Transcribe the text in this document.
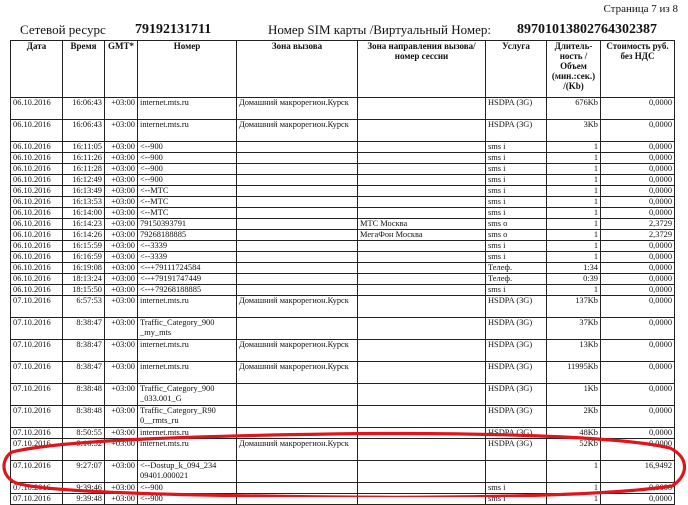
Страница 7 из 8
Сетевой ресурс 79192131711	Номер SIM карты /Виртуальный Номер: 89701013802764302387
Дата	Время	GMT*	Номер	Зона вызова	Зона направления вызова/номер сессии	Услуга	Длитель-ность /Объем (мин.:сек.) /(Kb)	Стоимость руб. без НДС
06.10.2016	16:06:43	+03:00	internet.mts.ru	Домашний макрорегион.Курск		HSDPA (3G)	676Kb	0,0000
06.10.2016	16:06:43	+03:00	internet.mts.ru	Домашний макрорегион.Курск		HSDPA (3G)	3Kb	0,0000
06.10.2016	16:11:05	+03:00	<--900			sms i	1	0,0000
06.10.2016	16:11:26	+03:00	<--900			sms i	1	0,0000
06.10.2016	16:11:28	+03:00	<--900			sms i	1	0,0000
06.10.2016	16:12:49	+03:00	<--900			sms i	1	0,0000
06.10.2016	16:13:49	+03:00	<--MTC			sms i	1	0,0000
06.10.2016	16:13:53	+03:00	<--MTC			sms i	1	0,0000
06.10.2016	16:14:00	+03:00	<--MTC			sms i	1	0,0000
06.10.2016	16:14:23	+03:00	79150393791		МТС Москва	sms o	1	2,3729
06.10.2016	16:14:26	+03:00	79268188885		МегаФон Москва	sms o	1	2,3729
06.10.2016	16:15:59	+03:00	<--3339			sms i	1	0,0000
06.10.2016	16:16:59	+03:00	<--3339			sms i	1	0,0000
06.10.2016	16:19:08	+03:00	<--+79111724584			Телеф.	1:34	0,0000
06.10.2016	18:13:24	+03:00	<--+79191747449			Телеф.	0:39	0,0000
06.10.2016	18:15:50	+03:00	<--+79268188885			sms i	1	0,0000
07.10.2016	6:57:53	+03:00	internet.mts.ru	Домашний макрорегион.Курск		HSDPA (3G)	137Kb	0,0000
07.10.2016	8:38:47	+03:00	Traffic_Category_900 _my_mts			HSDPA (3G)	37Kb	0,0000
07.10.2016	8:38:47	+03:00	internet.mts.ru	Домашний макрорегион.Курск		HSDPA (3G)	13Kb	0,0000
07.10.2016	8:38:47	+03:00	internet.mts.ru	Домашний макрорегион.Курск		HSDPA (3G)	11995Kb	0,0000
07.10.2016	8:38:48	+03:00	Traffic_Category_900 _033.001_G			HSDPA (3G)	1Kb	0,0000
07.10.2016	8:38:48	+03:00	Traffic_Category_R90 0__rmts_ru			HSDPA (3G)	2Kb	0,0000
07.10.2016	8:50:55	+03:00	internet.mts.ru			HSDPA (3G)	48Kb	0,0000
07.10.2016	9:16:52	+03:00	internet.mts.ru	Домашний макрорегион.Курск		HSDPA (3G)	52Kb	0,0000
07.10.2016	9:27:07	+03:00	<--Dostup_k_094_234 09401.000021				1	16,9492
07.10.2016	9:39:46	+03:00	<--900			sms i	1	0,0000
07.10.2016	9:39:48	+03:00	<--900			sms i	1	0,0000
